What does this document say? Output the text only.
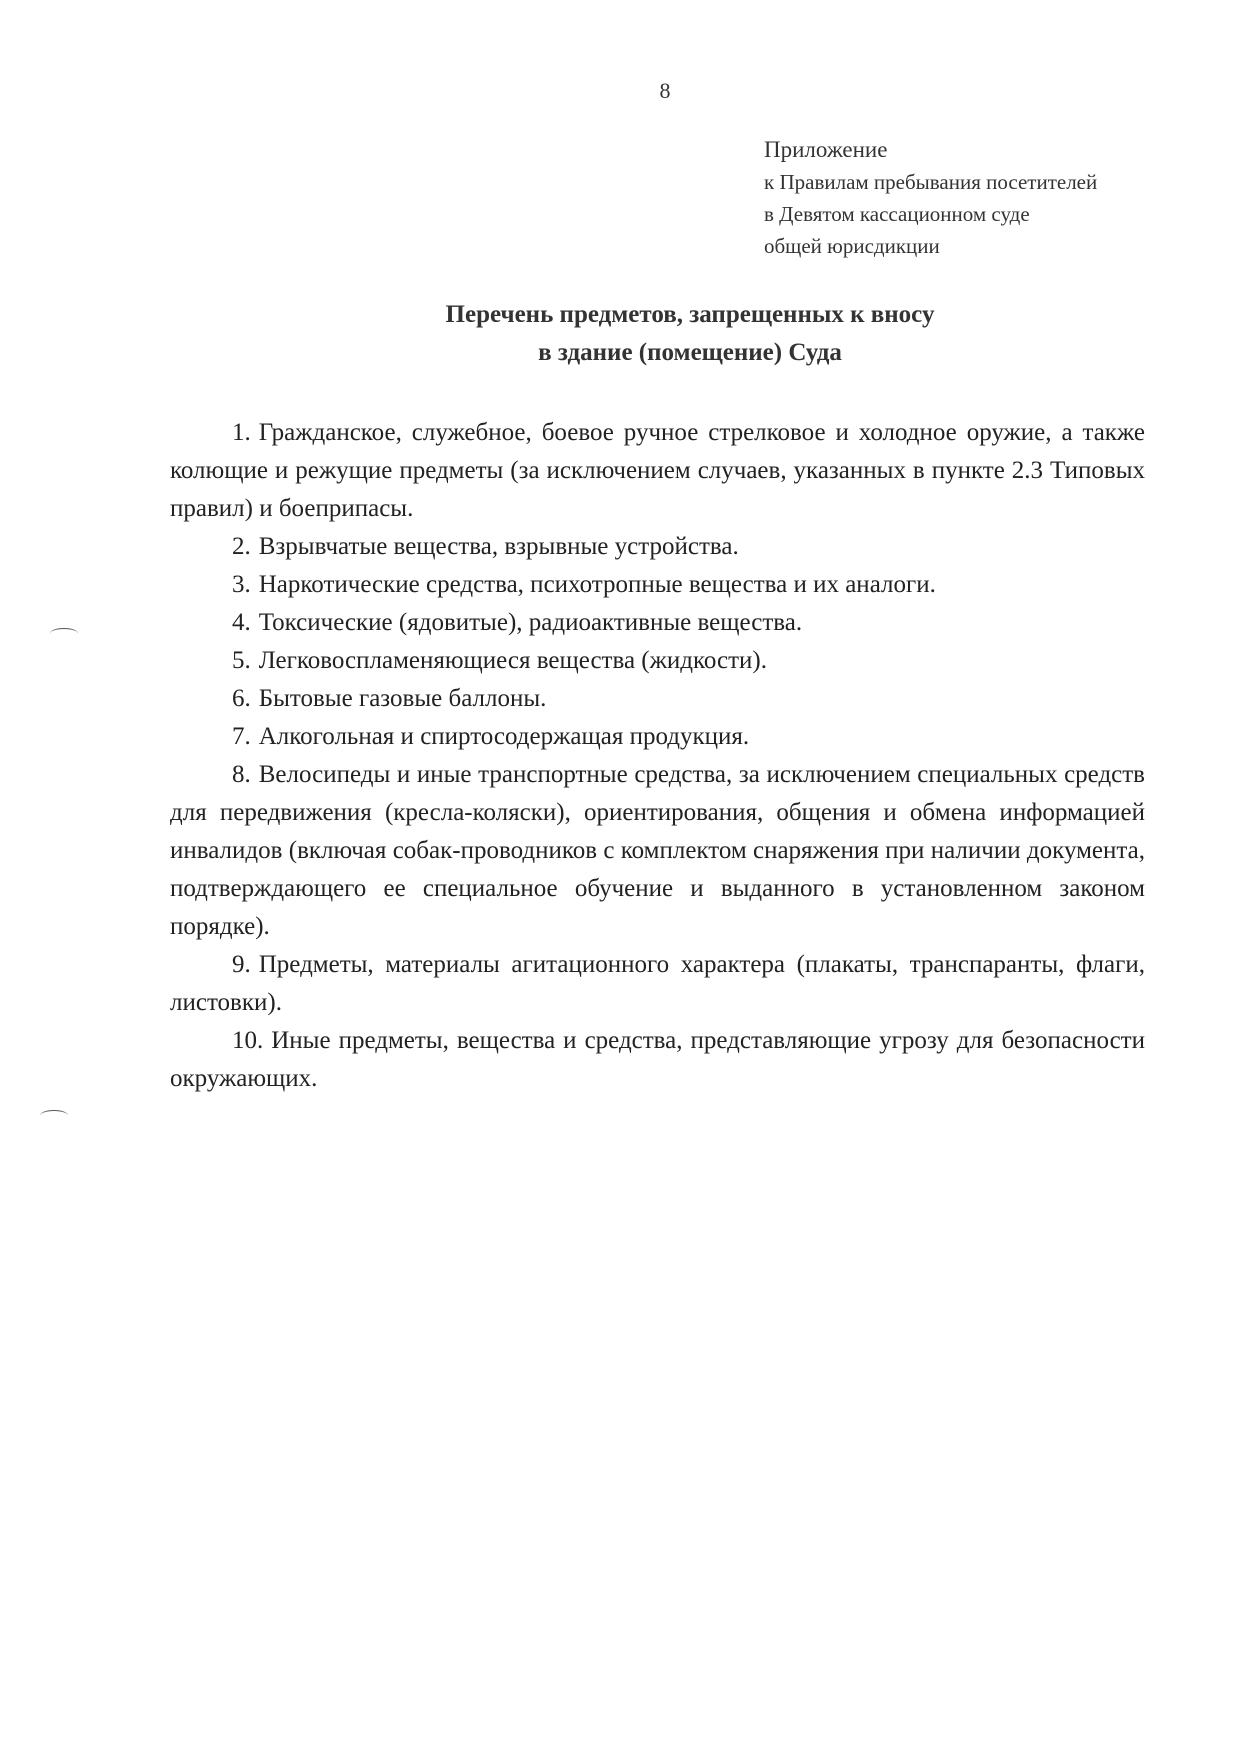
8
Приложение
к Правилам пребывания посетителей
в Девятом кассационном суде
общей юрисдикции
Перечень предметов, запрещенных к вносу
в здание (помещение) Суда

1. Гражданское, служебное, боевое ручное стрелковое и холодное оружие, а также колющие и режущие предметы (за исключением случаев, указанных в пункте 2.3 Типовых правил) и боеприпасы.

2. Взрывчатые вещества, взрывные устройства.

3. Наркотические средства, психотропные вещества и их аналоги.

4. Токсические (ядовитые), радиоактивные вещества.

5. Легковоспламеняющиеся вещества (жидкости).

6. Бытовые газовые баллоны.

7. Алкогольная и спиртосодержащая продукция.

8. Велосипеды и иные транспортные средства, за исключением специальных средств для передвижения (кресла-коляски), ориентирования, общения и обмена информацией инвалидов (включая собак-проводников с комплектом снаряжения при наличии документа, подтверждающего ее специальное обучение и выданного в установленном законом порядке).

9. Предметы, материалы агитационного характера (плакаты, транспаранты, флаги, листовки).

10. Иные предметы, вещества и средства, представляющие угрозу для безопасности окружающих.
